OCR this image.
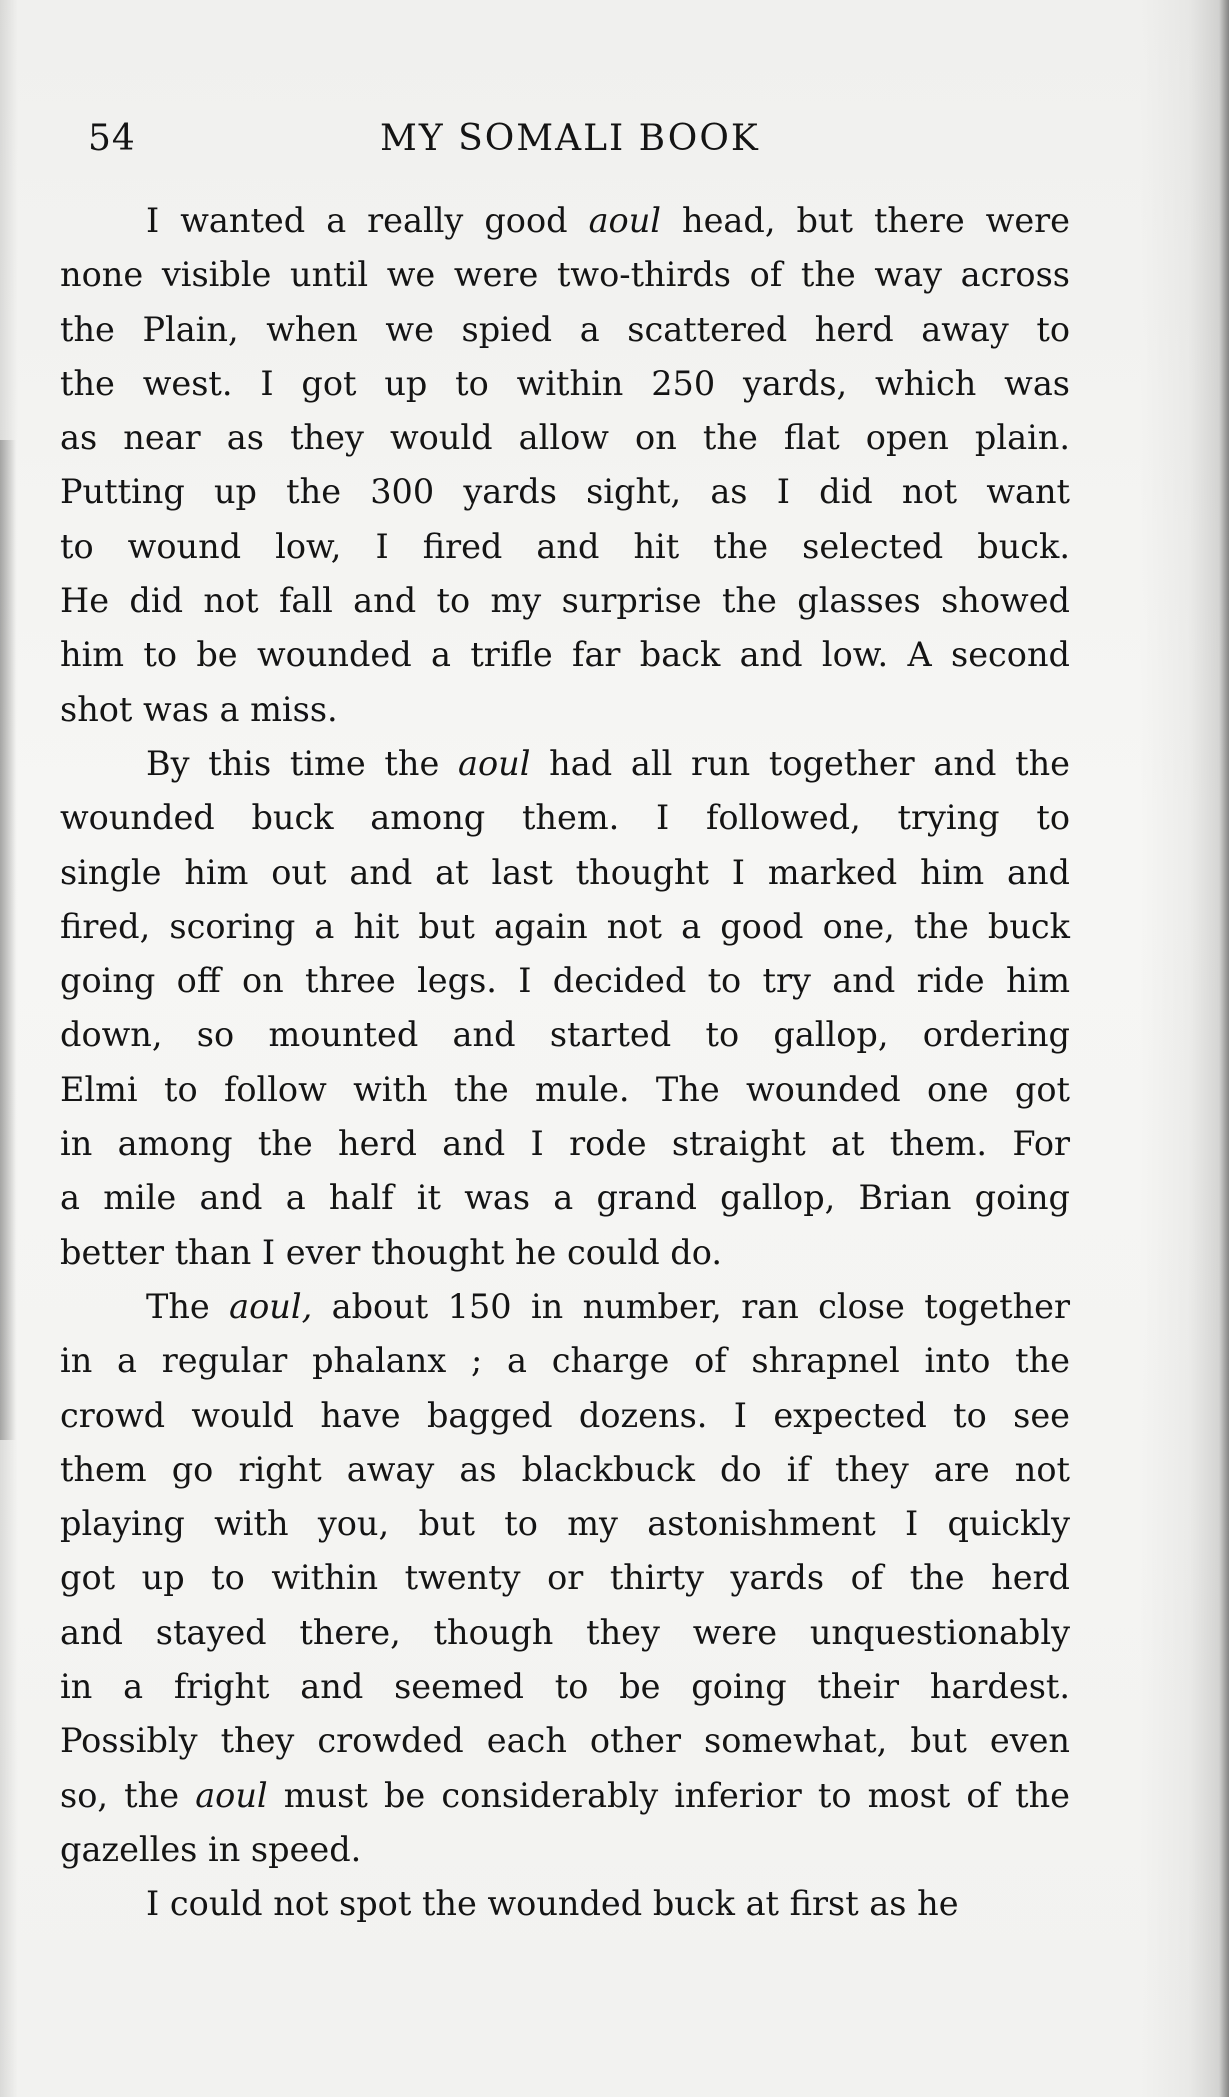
54	MY SOMALI BOOK
I wanted a really good aoul head, but there were
none visible until we were two-thirds of the way across
the Plain, when we spied a scattered herd away to
the west. I got up to within 250 yards, which was
as near as they would allow on the flat open plain.
Putting up the 300 yards sight, as I did not want
to wound low, I fired and hit the selected buck.
He did not fall and to my surprise the glasses showed
him to be wounded a trifle far back and low. A second
shot was a miss.
By this time the aoul had all run together and the
wounded buck among them. I followed, trying to
single him out and at last thought I marked him and
fired, scoring a hit but again not a good one, the buck
going off on three legs. I decided to try and ride him
down, so mounted and started to gallop, ordering
Elmi to follow with the mule. The wounded one got
in among the herd and I rode straight at them. For
a mile and a half it was a grand gallop, Brian going
better than I ever thought he could do.
The aoul, about 150 in number, ran close together
in a regular phalanx ; a charge of shrapnel into the
crowd would have bagged dozens. I expected to see
them go right away as blackbuck do if they are not
playing with you, but to my astonishment I quickly
got up to within twenty or thirty yards of the herd
and stayed there, though they were unquestionably
in a fright and seemed to be going their hardest.
Possibly they crowded each other somewhat, but even
so, the aoul must be considerably inferior to most of the
gazelles in speed.
I could not spot the wounded buck at first as he
